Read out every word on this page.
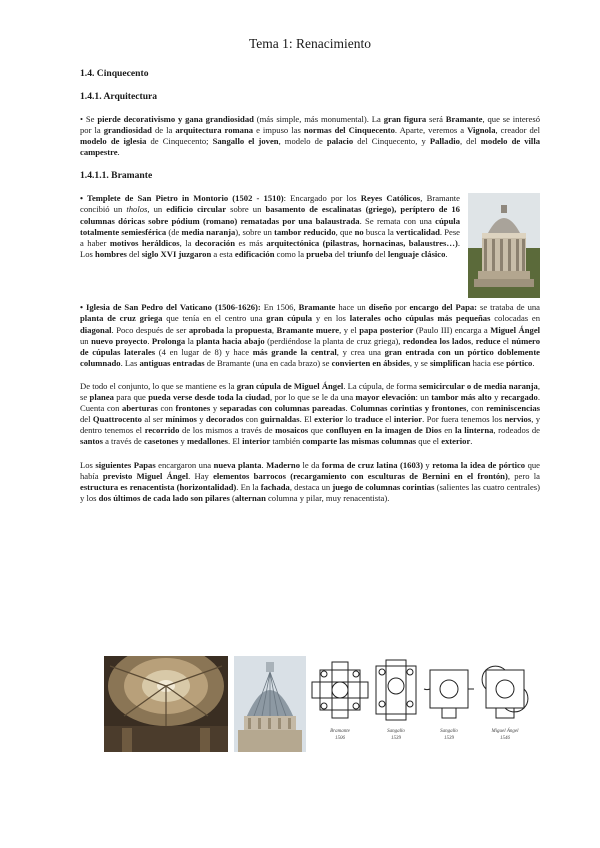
Tema 1: Renacimiento
1.4. Cinquecento
1.4.1. Arquitectura
• Se pierde decorativismo y gana grandiosidad (más simple, más monumental). La gran figura será Bramante, que se interesó por la grandiosidad de la arquitectura romana e impuso las normas del Cinquecento. Aparte, veremos a Vignola, creador del modelo de iglesia de Cinquecento; Sangallo el joven, modelo de palacio del Cinquecento, y Palladio, del modelo de villa campestre.
1.4.1.1. Bramante
• Templete de San Pietro in Montorio (1502 - 1510): Encargado por los Reyes Católicos, Bramante concibió un tholos, un edificio circular sobre un basamento de escalinatas (griego), períptero de 16 columnas dóricas sobre pódium (romano) rematadas por una balaustrada. Se remata con una cúpula totalmente semiesférica (de media naranja), sobre un tambor reducido, que no busca la verticalidad. Pese a haber motivos heráldicos, la decoración es más arquitectónica (pilastras, hornacinas, balaustres…). Los hombres del siglo XVI juzgaron a esta edificación como la prueba del triunfo del lenguaje clásico.
• Iglesia de San Pedro del Vaticano (1506-1626): En 1506, Bramante hace un diseño por encargo del Papa: se trataba de una planta de cruz griega que tenía en el centro una gran cúpula y en los laterales ocho cúpulas más pequeñas colocadas en diagonal. Poco después de ser aprobada la propuesta, Bramante muere, y el papa posterior (Paulo III) encarga a Miguel Ángel un nuevo proyecto. Prolonga la planta hacia abajo (perdiéndose la planta de cruz griega), redondea los lados, reduce el número de cúpulas laterales (4 en lugar de 8) y hace más grande la central, y crea una gran entrada con un pórtico doblemente columnado. Las antiguas entradas de Bramante (una en cada brazo) se convierten en ábsides, y se simplifican hacia ese pórtico.
De todo el conjunto, lo que se mantiene es la gran cúpula de Miguel Ángel. La cúpula, de forma semicircular o de media naranja, se planea para que pueda verse desde toda la ciudad, por lo que se le da una mayor elevación: un tambor más alto y recargado. Cuenta con aberturas con frontones y separadas con columnas pareadas. Columnas corintias y frontones, con reminiscencias del Quattrocento al ser mínimos y decorados con guirnaldas. El exterior lo traduce el interior. Por fuera tenemos los nervios, y dentro tenemos el recorrido de los mismos a través de mosaicos que confluyen en la imagen de Dios en la linterna, rodeados de santos a través de casetones y medallones. El interior también comparte las mismas columnas que el exterior.
Los siguientes Papas encargaron una nueva planta. Maderno le da forma de cruz latina (1603) y retoma la idea de pórtico que había previsto Miguel Ángel. Hay elementos barrocos (recargamiento con esculturas de Bernini en el frontón), pero la estructura es renacentista (horizontalidad). En la fachada, destaca un juego de columnas corintias (salientes las cuatro centrales) y los dos últimos de cada lado son pilares (alternan columna y pilar, muy renacentista).
Bramante
1506
Sangallo
1539
Sangallo
1539
Miguel Ángel
1546
